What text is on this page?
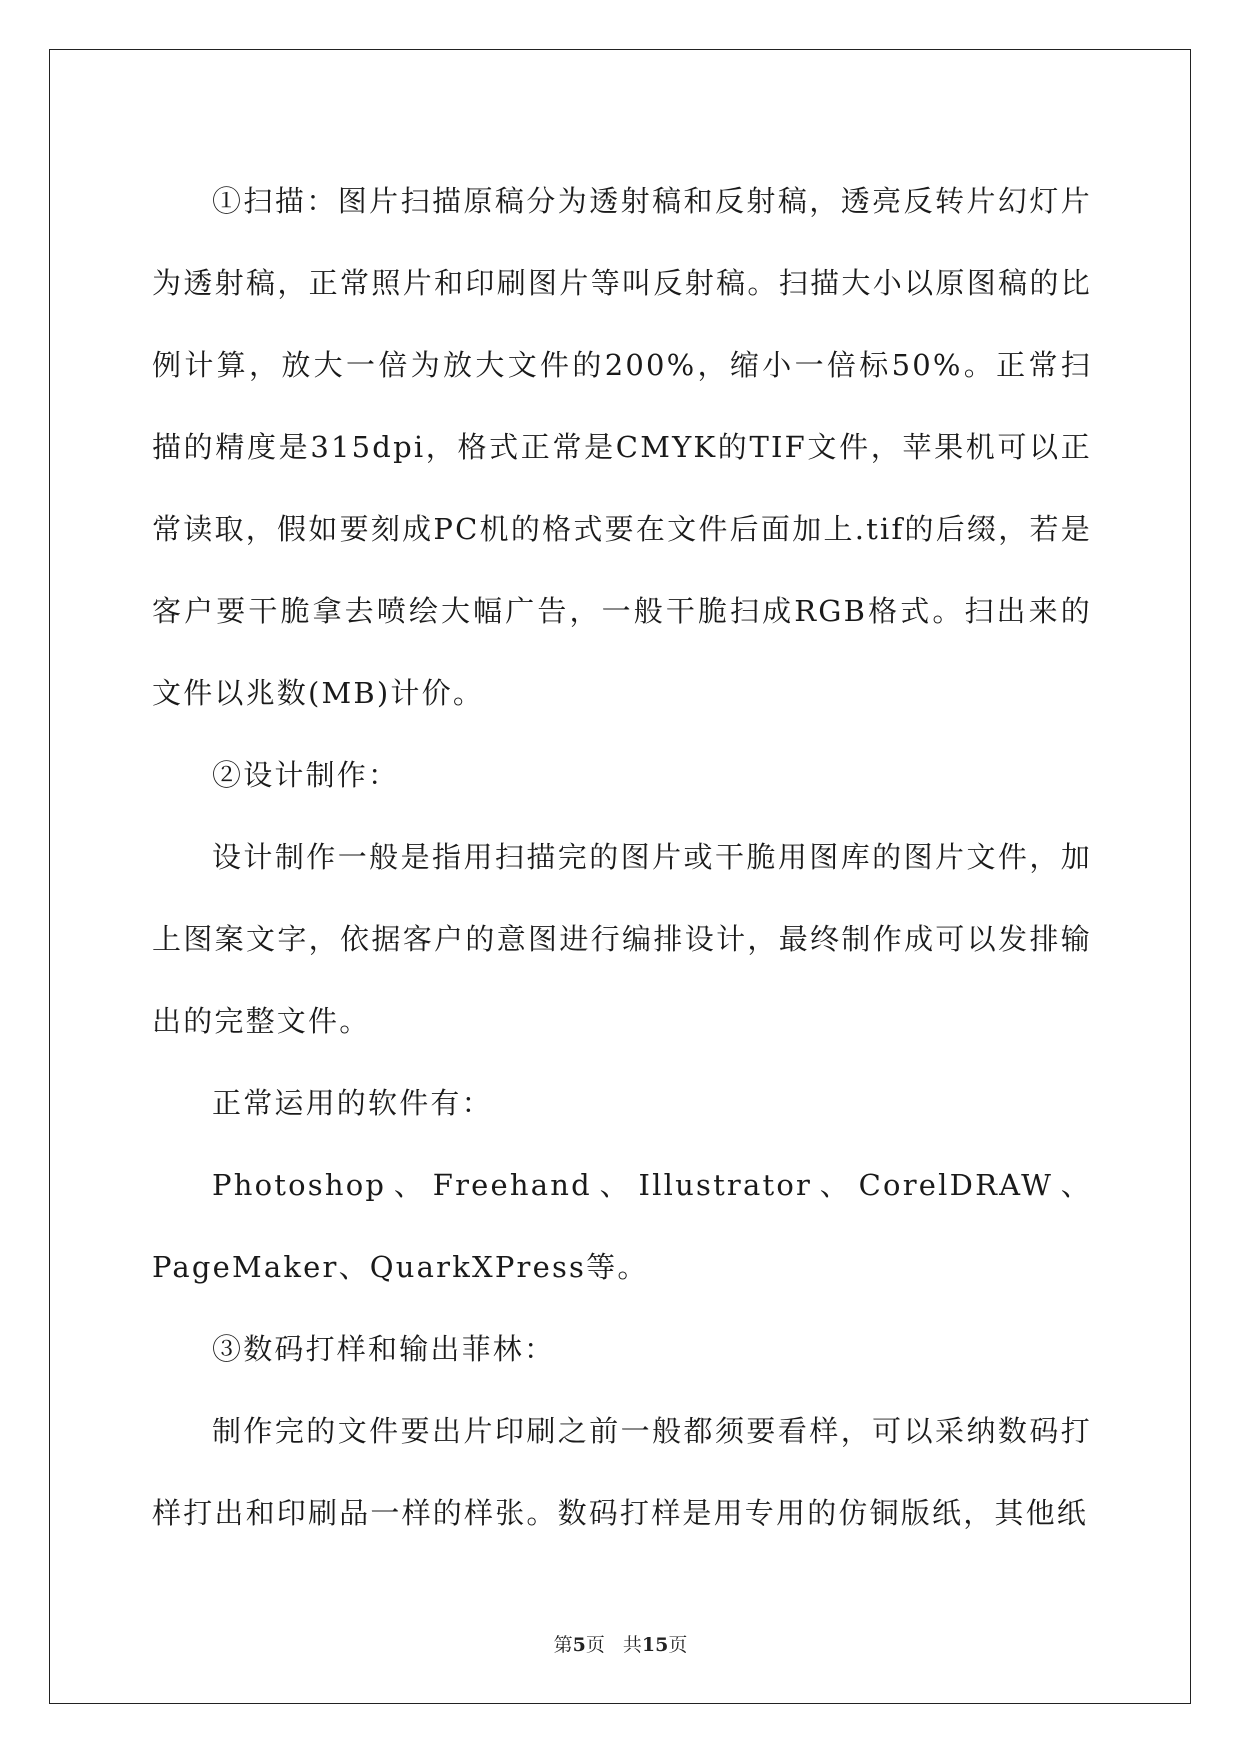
①扫描：图片扫描原稿分为透射稿和反射稿，透亮反转片幻灯片为透射稿，正常照片和印刷图片等叫反射稿。扫描大小以原图稿的比例计算，放大一倍为放大文件的200%，缩小一倍标50%。正常扫描的精度是315dpi，格式正常是CMYK的TIF文件，苹果机可以正常读取，假如要刻成PC机的格式要在文件后面加上.tif的后缀，若是客户要干脆拿去喷绘大幅广告，一般干脆扫成RGB格式。扫出来的文件以兆数(MB)计价。

②设计制作：

设计制作一般是指用扫描完的图片或干脆用图库的图片文件，加上图案文字，依据客户的意图进行编排设计，最终制作成可以发排输出的完整文件。

正常运用的软件有：

Photoshop、Freehand、Illustrator、CorelDRAW、PageMaker、QuarkXPress等。

③数码打样和输出菲林：

制作完的文件要出片印刷之前一般都须要看样，可以采纳数码打样打出和印刷品一样的样张。数码打样是用专用的仿铜版纸，其他纸

第5页 共15页
